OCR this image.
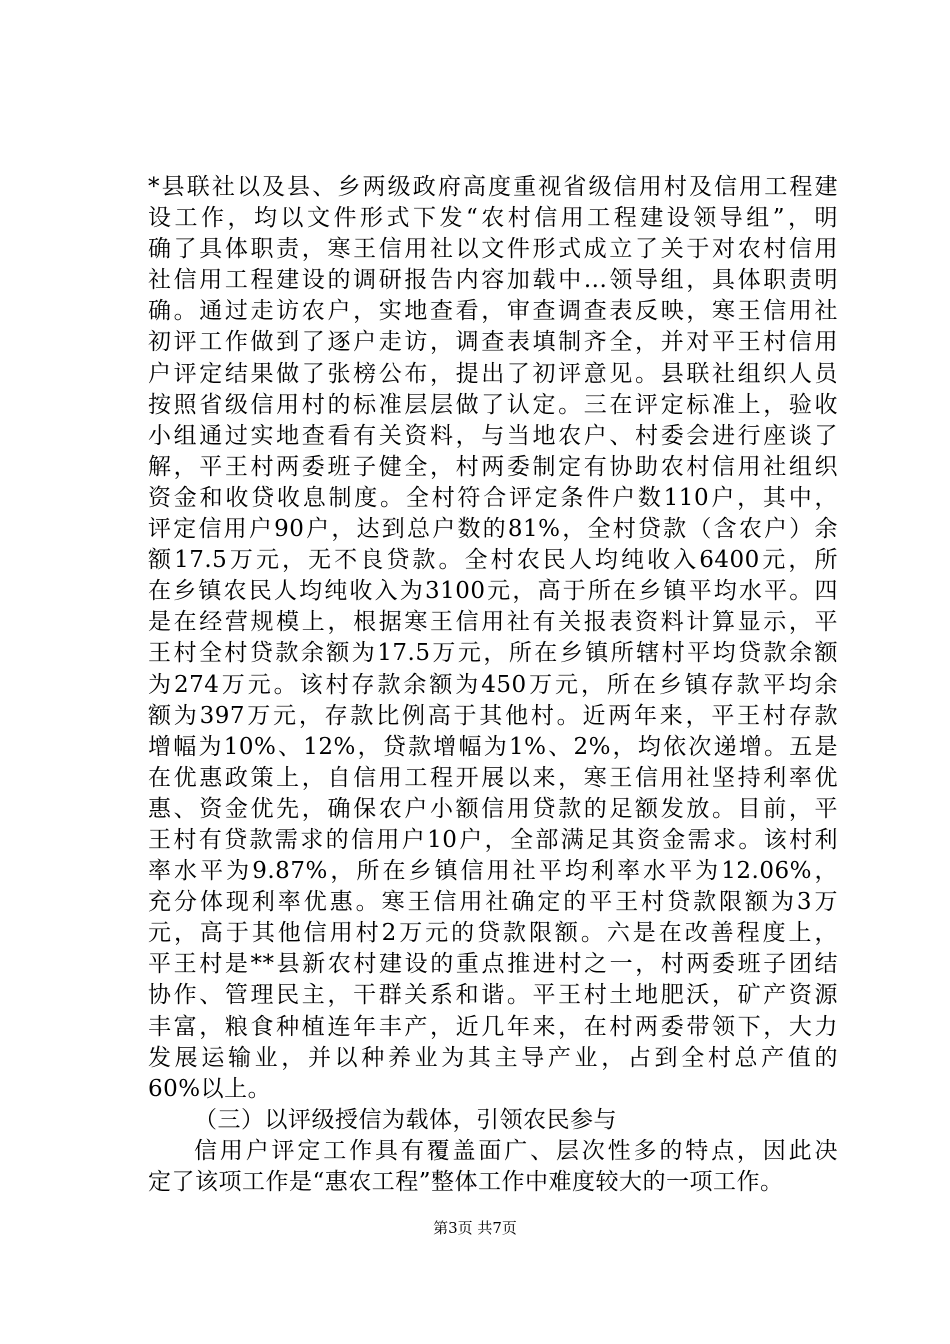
*县联社以及县、乡两级政府高度重视省级信用村及信用工程建
设工作，均以文件形式下发“农村信用工程建设领导组”，明
确了具体职责，寒王信用社以文件形式成立了关于对农村信用
社信用工程建设的调研报告内容加载中...领导组，具体职责明
确。通过走访农户，实地查看，审查调查表反映，寒王信用社
初评工作做到了逐户走访，调查表填制齐全，并对平王村信用
户评定结果做了张榜公布，提出了初评意见。县联社组织人员
按照省级信用村的标准层层做了认定。三在评定标准上，验收
小组通过实地查看有关资料，与当地农户、村委会进行座谈了
解，平王村两委班子健全，村两委制定有协助农村信用社组织
资金和收贷收息制度。全村符合评定条件户数110户，其中，
评定信用户90户，达到总户数的81%，全村贷款（含农户）余
额17.5万元，无不良贷款。全村农民人均纯收入6400元，所
在乡镇农民人均纯收入为3100元，高于所在乡镇平均水平。四
是在经营规模上，根据寒王信用社有关报表资料计算显示，平
王村全村贷款余额为17.5万元，所在乡镇所辖村平均贷款余额
为274万元。该村存款余额为450万元，所在乡镇存款平均余
额为397万元，存款比例高于其他村。近两年来，平王村存款
增幅为10%、12%，贷款增幅为1%、2%，均依次递增。五是
在优惠政策上，自信用工程开展以来，寒王信用社坚持利率优
惠、资金优先，确保农户小额信用贷款的足额发放。目前，平
王村有贷款需求的信用户10户，全部满足其资金需求。该村利
率水平为9.87%，所在乡镇信用社平均利率水平为12.06%，
充分体现利率优惠。寒王信用社确定的平王村贷款限额为3万
元，高于其他信用村2万元的贷款限额。六是在改善程度上，
平王村是**县新农村建设的重点推进村之一，村两委班子团结
协作、管理民主，干群关系和谐。平王村土地肥沃，矿产资源
丰富，粮食种植连年丰产，近几年来，在村两委带领下，大力
发展运输业，并以种养业为其主导产业，占到全村总产值的
60%以上。
（三）以评级授信为载体，引领农民参与
信用户评定工作具有覆盖面广、层次性多的特点，因此决
定了该项工作是“惠农工程”整体工作中难度较大的一项工作。
第3页 共7页
